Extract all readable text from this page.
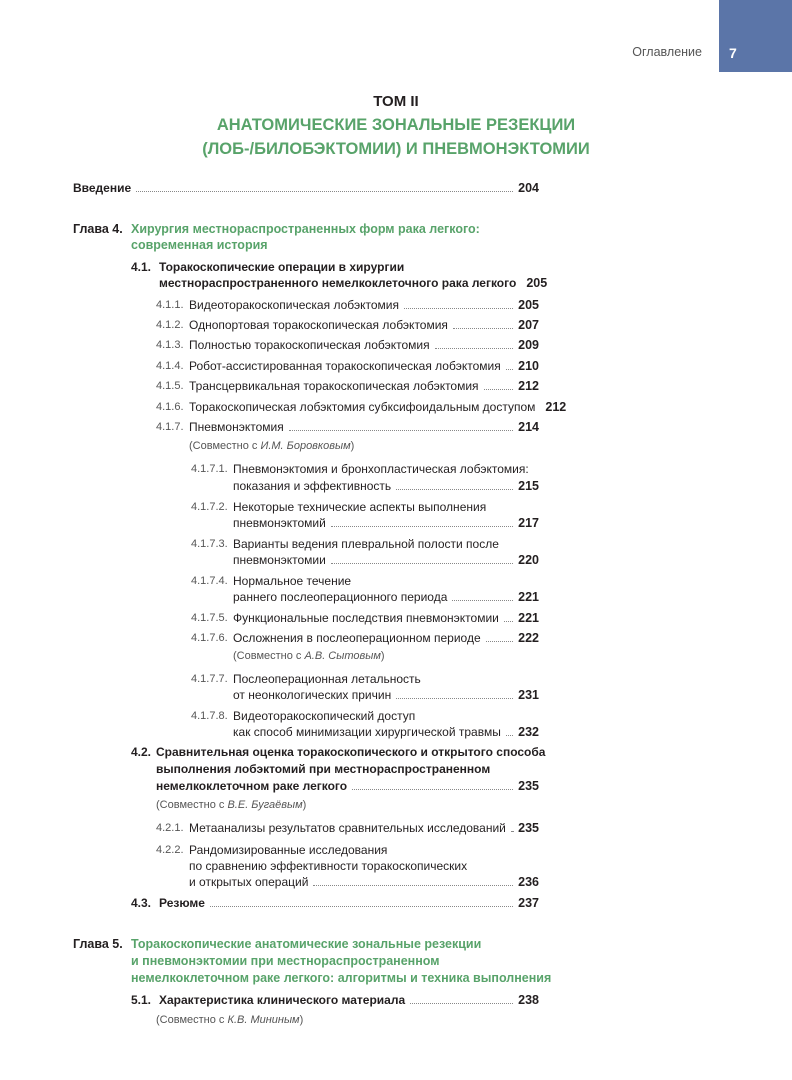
Оглавление 7
ТОМ II
АНАТОМИЧЕСКИЕ ЗОНАЛЬНЫЕ РЕЗЕКЦИИ
(ЛОБ-/БИЛОБЭКТОМИИ) И ПНЕВМОНЭКТОМИИ
Введение	204
Глава 4. Хирургия местнораспространенных форм рака легкого:
современная история
4.1. Торакоскопические операции в хирургии
местнораспространенного немелкоклеточного рака легкого 205
4.1.1. Видеоторакоскопическая лобэктомия	205
4.1.2. Однопортовая торакоскопическая лобэктомия	207
4.1.3. Полностью торакоскопическая лобэктомия	209
4.1.4. Робот-ассистированная торакоскопическая лобэктомия 210
4.1.5. Трансцервикальная торакоскопическая лобэктомия	212
4.1.6. Торакоскопическая лобэктомия субксифоидальным доступом 212
4.1.7. Пневмонэктомия	214
(Совместно с И.М. Боровковым)
4.1.7.1. Пневмонэктомия и бронхопластическая лобэктомия:
показания и эффективность	215
4.1.7.2. Некоторые технические аспекты выполнения
пневмонэктомий	217
4.1.7.3. Варианты ведения плевральной полости после
пневмонэктомии	220
4.1.7.4. Нормальное течение
раннего послеоперационного периода	221
4.1.7.5. Функциональные последствия пневмонэктомии 221
4.1.7.6. Осложнения в послеоперационном периоде	222
(Совместно с А.В. Сытовым)
4.1.7.7. Послеоперационная летальность
от неонкологических причин	231
4.1.7.8. Видеоторакоскопический доступ
как способ минимизации хирургической травмы 232
4.2. Сравнительная оценка торакоскопического и открытого способа
выполнения лобэктомий при местнораспространенном
немелкоклеточном раке легкого	235
(Совместно с В.Е. Бугаёвым)
4.2.1. Метаанализы результатов сравнительных исследований 235
4.2.2. Рандомизированные исследования
по сравнению эффективности торакоскопических
и открытых операций	236
4.3. Резюме	237
Глава 5. Торакоскопические анатомические зональные резекции
и пневмонэктомии при местнораспространенном
немелкоклеточном раке легкого: алгоритмы и техника выполнения
5.1. Характеристика клинического материала	238
(Совместно с К.В. Мининым)
